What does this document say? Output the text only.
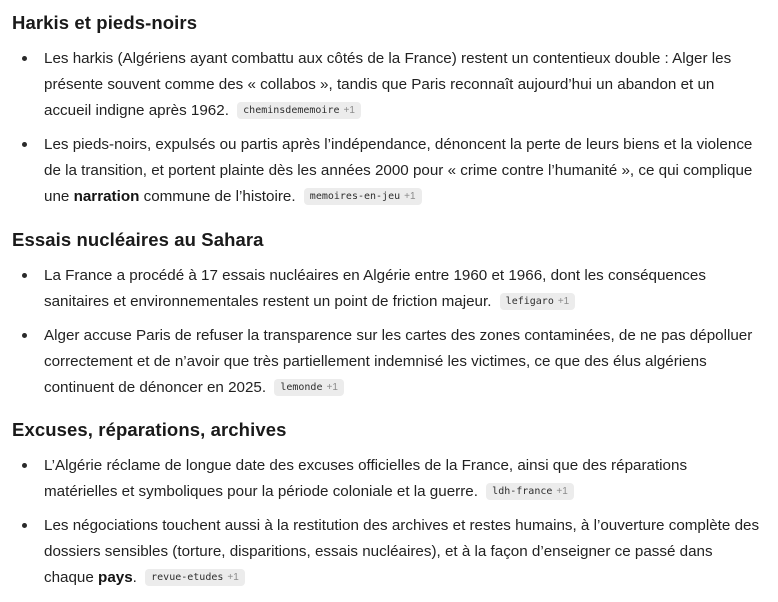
Harkis et pieds-noirs
Les harkis (Algériens ayant combattu aux côtés de la France) restent un contentieux double : Alger les présente souvent comme des « collabos », tandis que Paris reconnaît aujourd’hui un abandon et un accueil indigne après 1962. cheminsdememoire +1
Les pieds-noirs, expulsés ou partis après l’indépendance, dénoncent la perte de leurs biens et la violence de la transition, et portent plainte dès les années 2000 pour « crime contre l’humanité », ce qui complique une narration commune de l’histoire. memoires-en-jeu +1
Essais nucléaires au Sahara
La France a procédé à 17 essais nucléaires en Algérie entre 1960 et 1966, dont les conséquences sanitaires et environnementales restent un point de friction majeur. lefigaro +1
Alger accuse Paris de refuser la transparence sur les cartes des zones contaminées, de ne pas dépolluer correctement et de n’avoir que très partiellement indemnisé les victimes, ce que des élus algériens continuent de dénoncer en 2025. lemonde +1
Excuses, réparations, archives
L’Algérie réclame de longue date des excuses officielles de la France, ainsi que des réparations matérielles et symboliques pour la période coloniale et la guerre. ldh-france +1
Les négociations touchent aussi à la restitution des archives et restes humains, à l’ouverture complète des dossiers sensibles (torture, disparitions, essais nucléaires), et à la façon d’enseigner ce passé dans chaque pays. revue-etudes +1
